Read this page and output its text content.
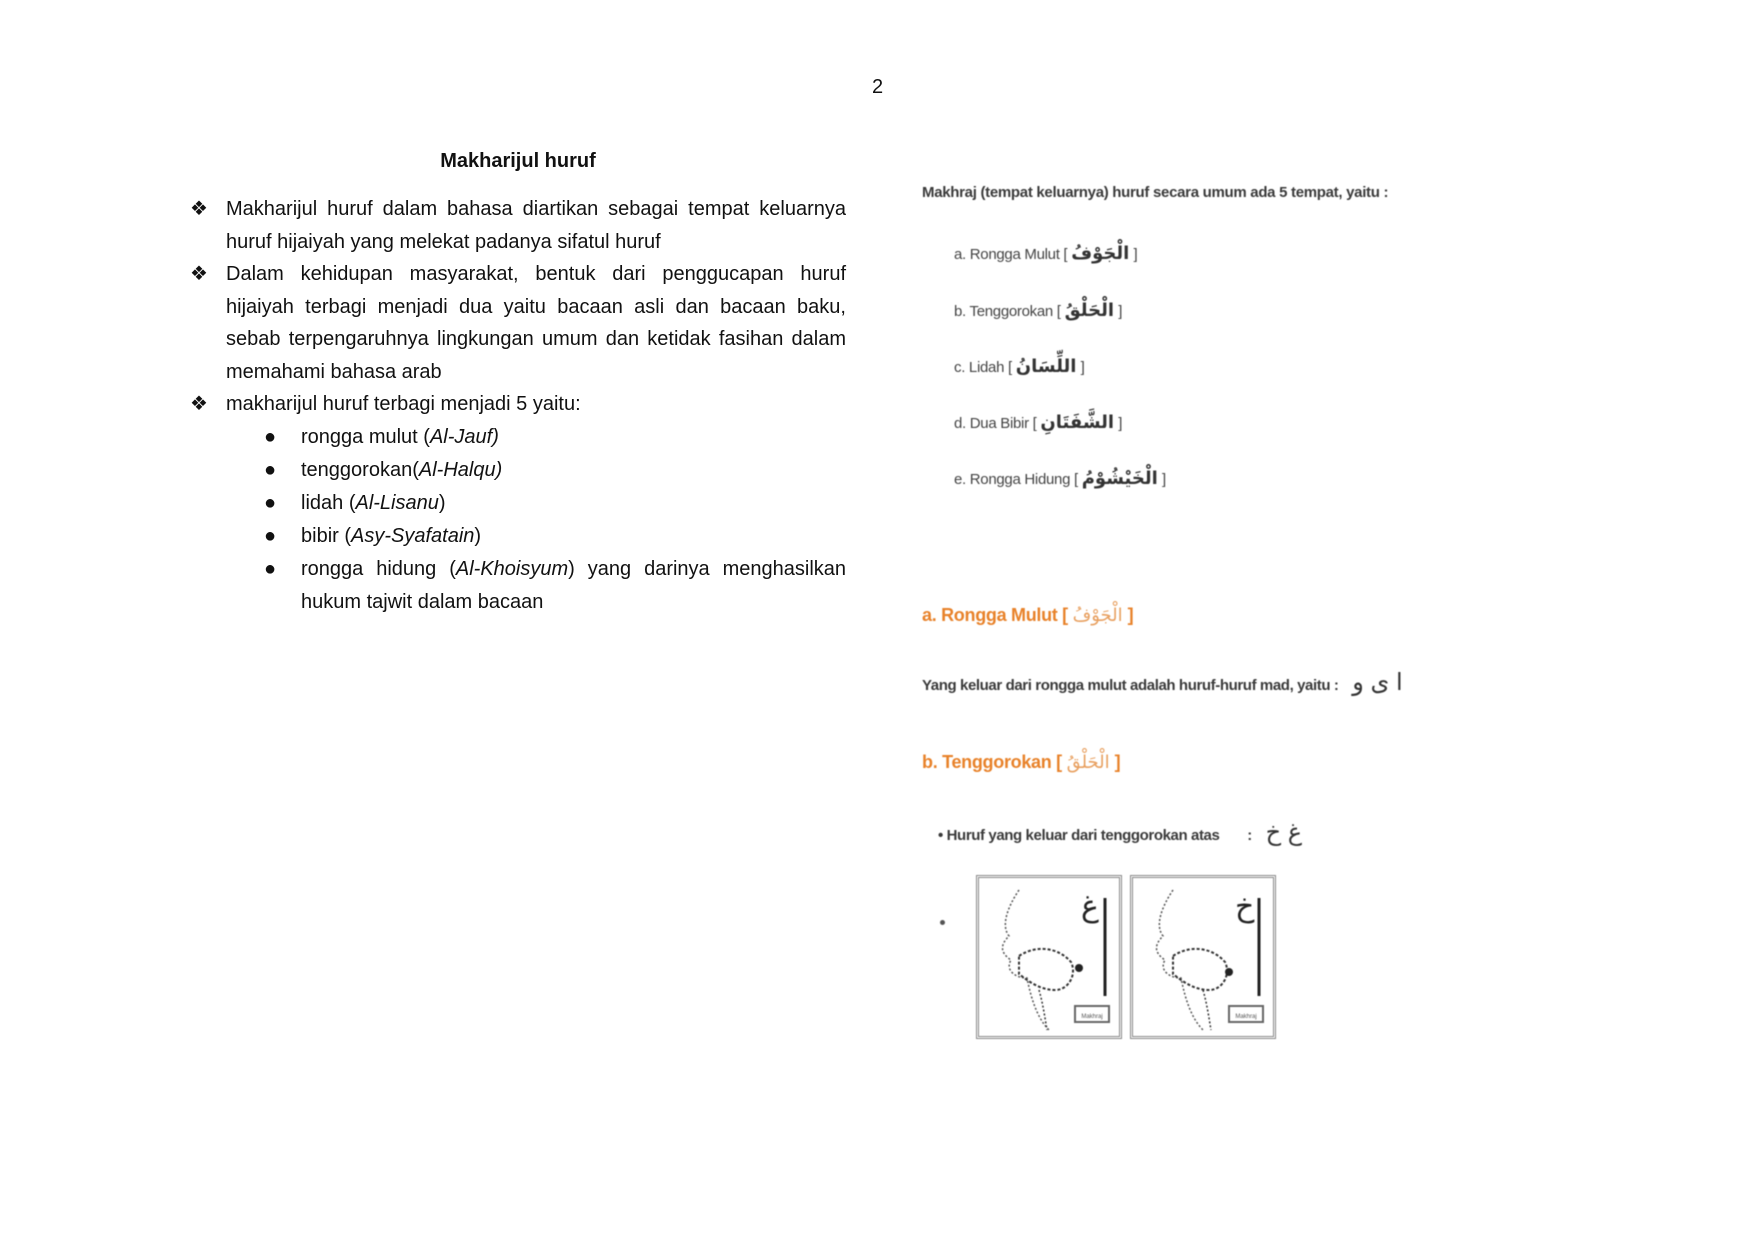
2
Makharijul huruf
❖ Makharijul huruf dalam bahasa diartikan sebagai tempat keluarnya huruf hijaiyah yang melekat padanya sifatul huruf
❖ Dalam kehidupan masyarakat, bentuk dari penggucapan huruf hijaiyah terbagi menjadi dua yaitu bacaan asli dan bacaan baku, sebab terpengaruhnya lingkungan umum dan ketidak fasihan dalam memahami bahasa arab
❖ makharijul huruf terbagi menjadi 5 yaitu:
● rongga mulut (Al-Jauf)
● tenggorokan(Al-Halqu)
● lidah (Al-Lisanu)
● bibir (Asy-Syafatain)
● rongga hidung (Al-Khoisyum) yang darinya menghasilkan hukum tajwit dalam bacaan
Makhraj (tempat keluarnya) huruf secara umum ada 5 tempat, yaitu :
a. Rongga Mulut [ الْجَوْفُ ]
b. Tenggorokan [ الْحَلْقُ ]
c. Lidah [ اللِّسَانُ ]
d. Dua Bibir [ الشَّفَتَانِ ]
e. Rongga Hidung [ الْخَيْشُوْمُ ]
a. Rongga Mulut [ الْجَوْفُ ]
Yang keluar dari rongga mulut adalah huruf-huruf mad, yaitu : ا ى و
b. Tenggorokan [ الْحَلْقُ ]
• Huruf yang keluar dari tenggorokan atas : غ خ
Makhraj
غ
Makhraj
خ
